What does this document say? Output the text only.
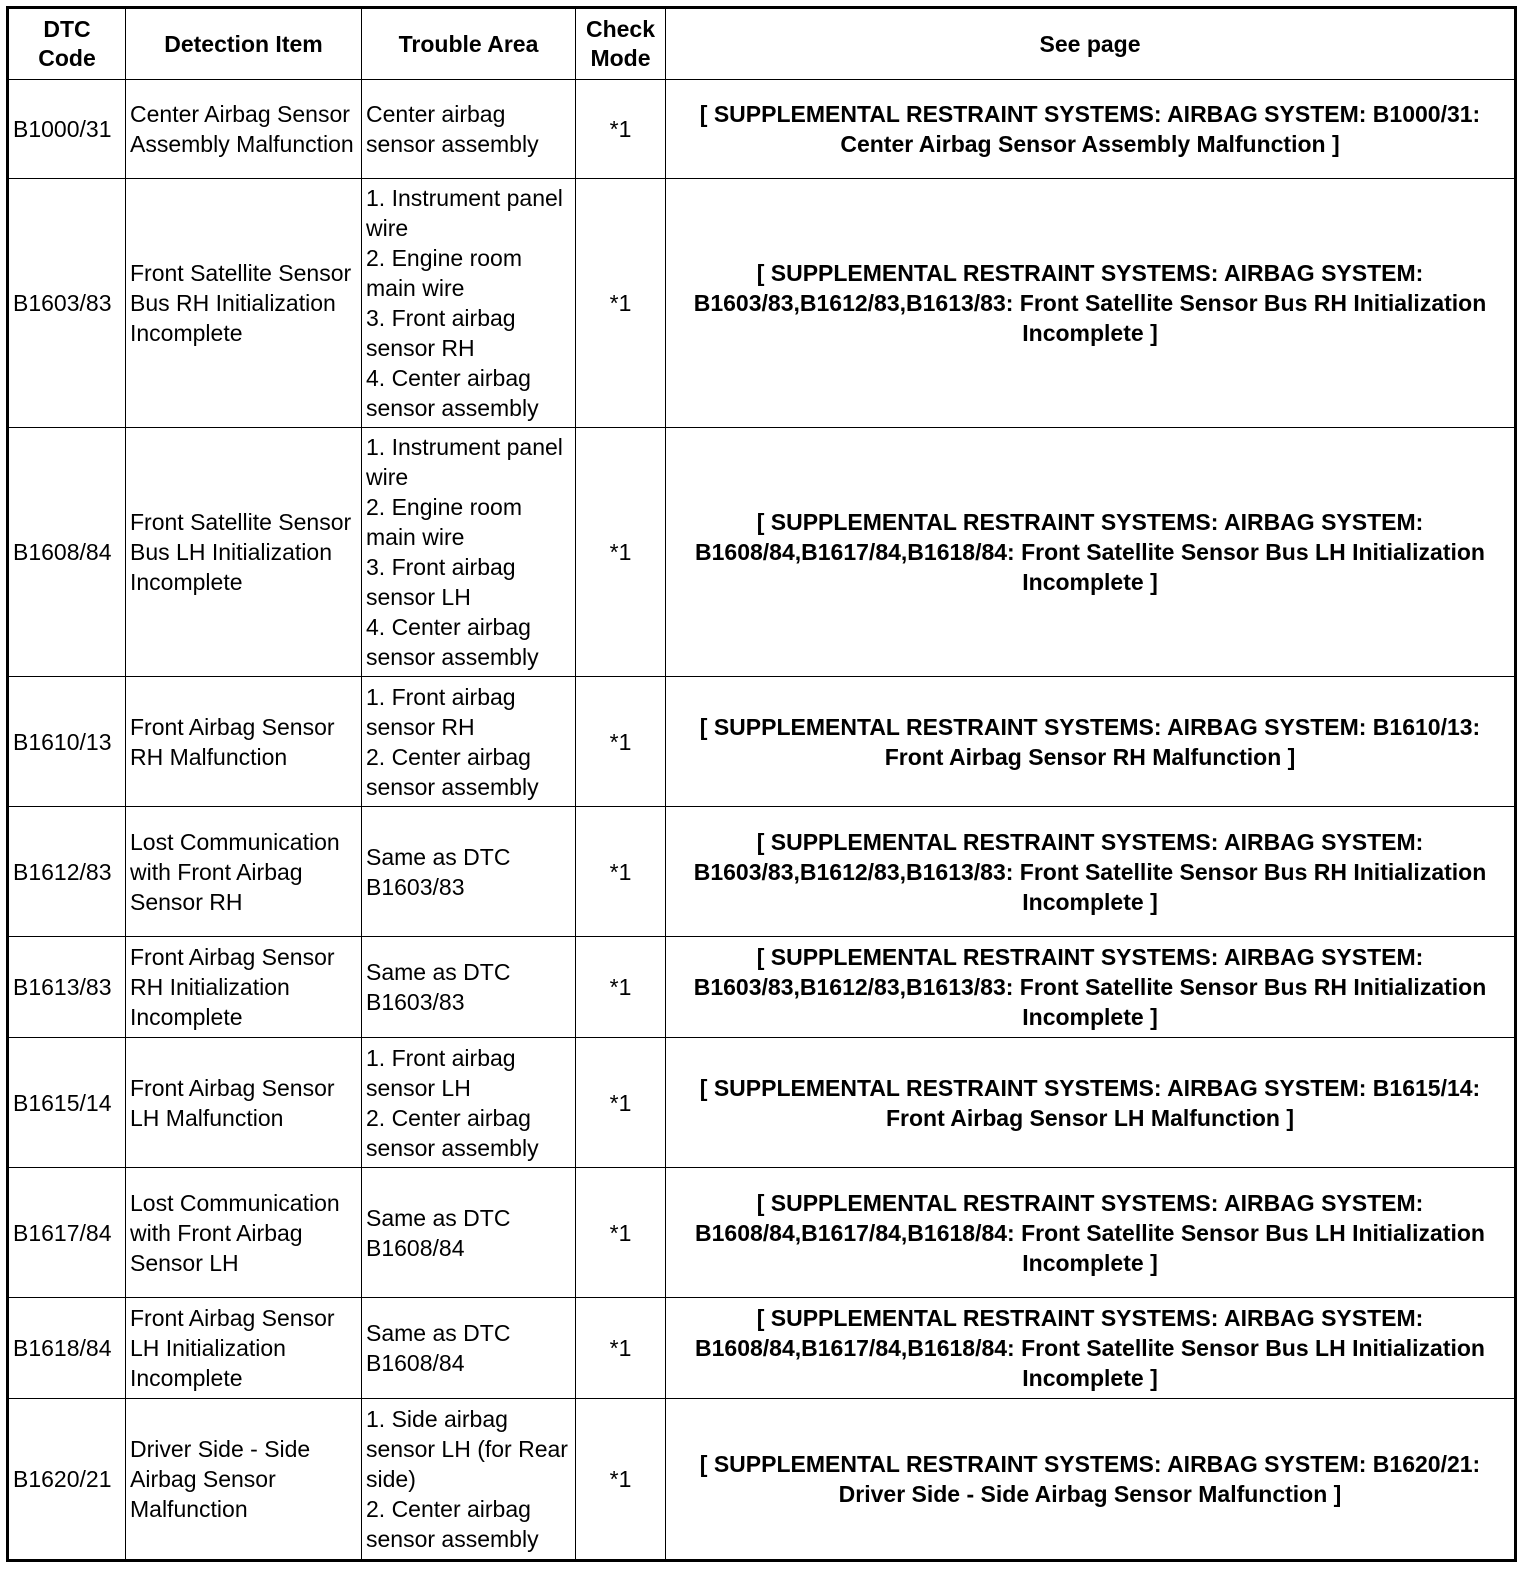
DTC Code	Detection Item	Trouble Area	Check Mode	See page
B1000/31	Center Airbag Sensor Assembly Malfunction	Center airbag sensor assembly	*1	[ SUPPLEMENTAL RESTRAINT SYSTEMS: AIRBAG SYSTEM: B1000/31: Center Airbag Sensor Assembly Malfunction ]
B1603/83	Front Satellite Sensor Bus RH Initialization Incomplete	1. Instrument panel wire
2. Engine room main wire
3. Front airbag sensor RH
4. Center airbag sensor assembly	*1	[ SUPPLEMENTAL RESTRAINT SYSTEMS: AIRBAG SYSTEM: B1603/83,B1612/83,B1613/83: Front Satellite Sensor Bus RH Initialization Incomplete ]
B1608/84	Front Satellite Sensor Bus LH Initialization Incomplete	1. Instrument panel wire
2. Engine room main wire
3. Front airbag sensor LH
4. Center airbag sensor assembly	*1	[ SUPPLEMENTAL RESTRAINT SYSTEMS: AIRBAG SYSTEM: B1608/84,B1617/84,B1618/84: Front Satellite Sensor Bus LH Initialization Incomplete ]
B1610/13	Front Airbag Sensor RH Malfunction	1. Front airbag sensor RH
2. Center airbag sensor assembly	*1	[ SUPPLEMENTAL RESTRAINT SYSTEMS: AIRBAG SYSTEM: B1610/13: Front Airbag Sensor RH Malfunction ]
B1612/83	Lost Communication with Front Airbag Sensor RH	Same as DTC B1603/83	*1	[ SUPPLEMENTAL RESTRAINT SYSTEMS: AIRBAG SYSTEM: B1603/83,B1612/83,B1613/83: Front Satellite Sensor Bus RH Initialization Incomplete ]
B1613/83	Front Airbag Sensor RH Initialization Incomplete	Same as DTC B1603/83	*1	[ SUPPLEMENTAL RESTRAINT SYSTEMS: AIRBAG SYSTEM: B1603/83,B1612/83,B1613/83: Front Satellite Sensor Bus RH Initialization Incomplete ]
B1615/14	Front Airbag Sensor LH Malfunction	1. Front airbag sensor LH
2. Center airbag sensor assembly	*1	[ SUPPLEMENTAL RESTRAINT SYSTEMS: AIRBAG SYSTEM: B1615/14: Front Airbag Sensor LH Malfunction ]
B1617/84	Lost Communication with Front Airbag Sensor LH	Same as DTC B1608/84	*1	[ SUPPLEMENTAL RESTRAINT SYSTEMS: AIRBAG SYSTEM: B1608/84,B1617/84,B1618/84: Front Satellite Sensor Bus LH Initialization Incomplete ]
B1618/84	Front Airbag Sensor LH Initialization Incomplete	Same as DTC B1608/84	*1	[ SUPPLEMENTAL RESTRAINT SYSTEMS: AIRBAG SYSTEM: B1608/84,B1617/84,B1618/84: Front Satellite Sensor Bus LH Initialization Incomplete ]
B1620/21	Driver Side - Side Airbag Sensor Malfunction	1. Side airbag sensor LH (for Rear side)
2. Center airbag sensor assembly	*1	[ SUPPLEMENTAL RESTRAINT SYSTEMS: AIRBAG SYSTEM: B1620/21: Driver Side - Side Airbag Sensor Malfunction ]
